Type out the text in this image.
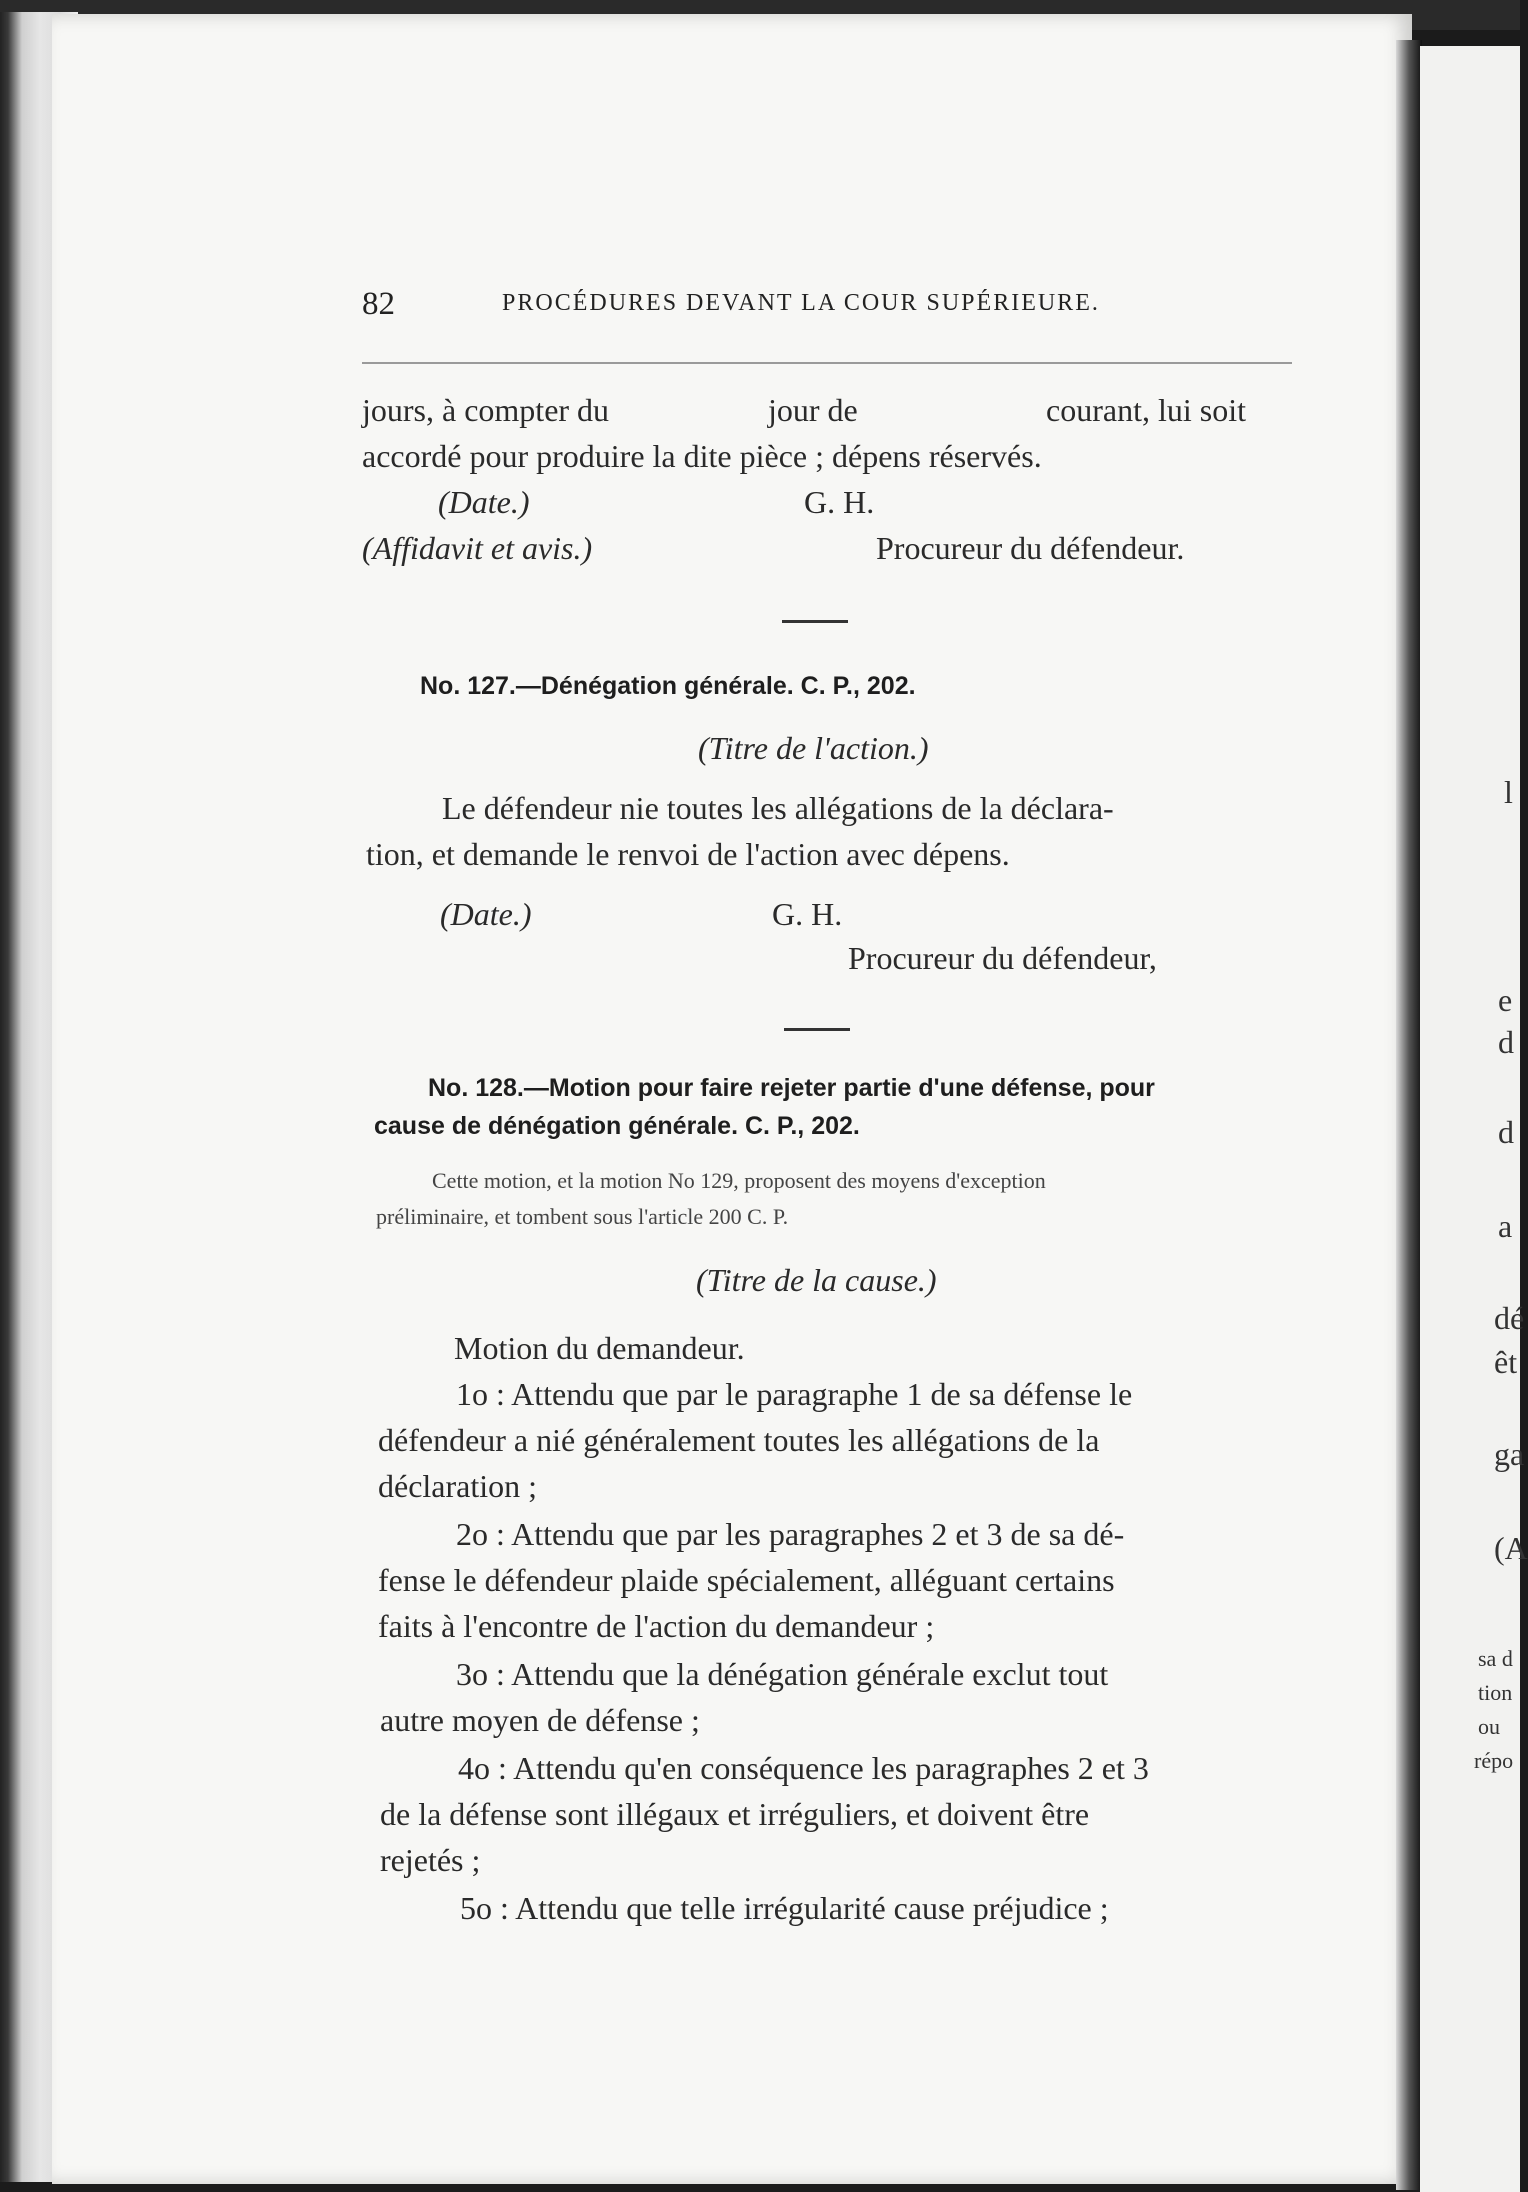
l
e
d
d
a
dé
êt
ga
(A
sa d
tion
ou
répo
82	PROCÉDURES DEVANT LA COUR SUPÉRIEURE.
jours, à compter du	jour de	courant, lui soit
accordé pour produire la dite pièce ; dépens réservés.
(Date.)	G. H.
(Affidavit et avis.)	Procureur du défendeur.
No. 127.—Dénégation générale. C. P., 202.
(Titre de l'action.)
Le défendeur nie toutes les allégations de la déclara-
tion, et demande le renvoi de l'action avec dépens.
(Date.)	G. H.
Procureur du défendeur,
No. 128.—Motion pour faire rejeter partie d'une défense, pour
cause de dénégation générale. C. P., 202.
Cette motion, et la motion No 129, proposent des moyens d'exception
préliminaire, et tombent sous l'article 200 C. P.
(Titre de la cause.)
Motion du demandeur.
1o : Attendu que par le paragraphe 1 de sa défense le
défendeur a nié généralement toutes les allégations de la
déclaration ;
2o : Attendu que par les paragraphes 2 et 3 de sa dé-
fense le défendeur plaide spécialement, alléguant certains
faits à l'encontre de l'action du demandeur ;
3o : Attendu que la dénégation générale exclut tout
autre moyen de défense ;
4o : Attendu qu'en conséquence les paragraphes 2 et 3
de la défense sont illégaux et irréguliers, et doivent être
rejetés ;
5o : Attendu que telle irrégularité cause préjudice ;
